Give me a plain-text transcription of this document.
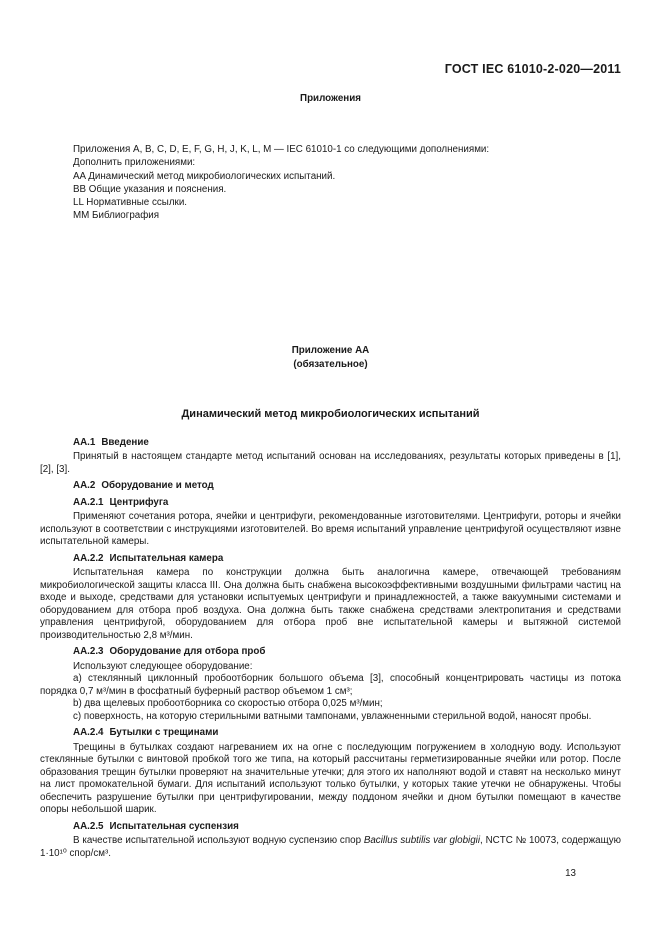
ГОСТ IEC 61010-2-020—2011
Приложения
Приложения A, B, C, D, E, F, G, H, J, K, L, M — IEC 61010-1 со следующими дополнениями:
Дополнить приложениями:
AA Динамический метод микробиологических испытаний.
BB Общие указания и пояснения.
LL Нормативные ссылки.
MM Библиография
Приложение АА
(обязательное)
Динамический метод микробиологических испытаний
АА.1 Введение

Принятый в настоящем стандарте метод испытаний основан на исследованиях, результаты которых приведены в [1], [2], [3].

АА.2 Оборудование и метод
АА.2.1 Центрифуга

Применяют сочетания ротора, ячейки и центрифуги, рекомендованные изготовителями. Центрифуги, роторы и ячейки используют в соответствии с инструкциями изготовителей. Во время испытаний управление центрифугой осуществляют извне испытательной камеры.

АА.2.2 Испытательная камера

Испытательная камера по конструкции должна быть аналогична камере, отвечающей требованиям микробиологической защиты класса III. Она должна быть снабжена высокоэффективными воздушными фильтрами частиц на входе и выходе, средствами для установки испытуемых центрифуги и принадлежностей, а также вакуумными системами и оборудованием для отбора проб воздуха. Она должна быть также снабжена средствами электропитания и средствами управления центрифугой, оборудованием для отбора проб вне испытательной камеры и вытяжной системой производительностью 2,8 м³/мин.

АА.2.3 Оборудование для отбора проб

Используют следующее оборудование:

a) стеклянный циклонный пробоотборник большого объема [3], способный концентрировать частицы из потока порядка 0,7 м³/мин в фосфатный буферный раствор объемом 1 см³;

b) два щелевых пробоотборника со скоростью отбора 0,025 м³/мин;

c) поверхность, на которую стерильными ватными тампонами, увлажненными стерильной водой, наносят пробы.

АА.2.4 Бутылки с трещинами

Трещины в бутылках создают нагреванием их на огне с последующим погружением в холодную воду. Используют стеклянные бутылки с винтовой пробкой того же типа, на который рассчитаны герметизированные ячейки или ротор. После образования трещин бутылки проверяют на значительные утечки; для этого их наполняют водой и ставят на несколько минут на лист промокательной бумаги. Для испытаний используют только бутылки, у которых такие утечки не обнаружены. Чтобы обеспечить разрушение бутылки при центрифугировании, между поддоном ячейки и дном бутылки помещают в качестве опоры небольшой шарик.

АА.2.5 Испытательная суспензия

В качестве испытательной используют водную суспензию спор Bacillus subtilis var globigii, NCTC № 10073, содержащую 1·10¹⁰ спор/см³.

13
